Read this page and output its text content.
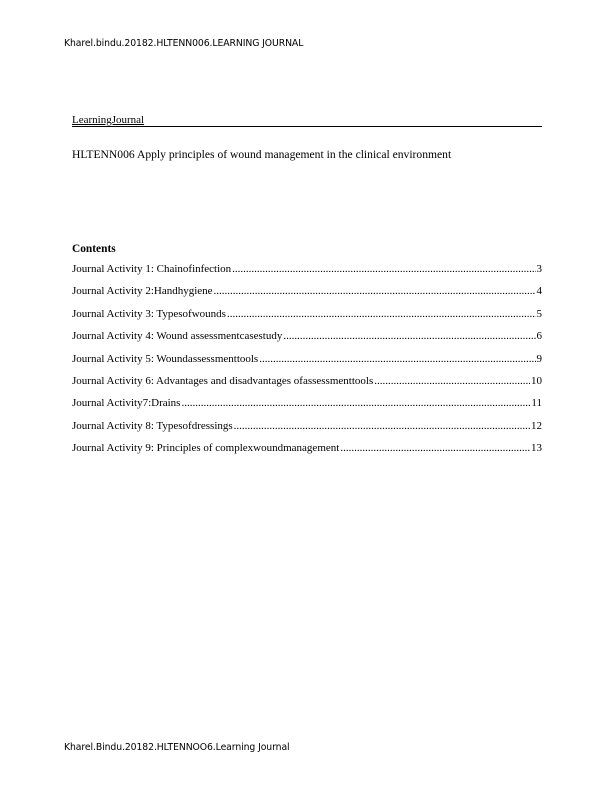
Kharel.bindu.20182.HLTENN006.LEARNING JOURNAL
LearningJournal
HLTENN006 Apply principles of wound management in the clinical environment
Contents
Journal Activity 1: Chainofinfection .....	3
Journal Activity 2:Handhygiene .....	4
Journal Activity 3: Typesofwounds .....	5
Journal Activity 4: Wound assessmentcasestudy .....	6
Journal Activity 5: Woundassessmenttools .....	9
Journal Activity 6: Advantages and disadvantages ofassessmenttools .....	10
Journal Activity7:Drains .....	11
Journal Activity 8: Typesofdressings .....	12
Journal Activity 9: Principles of complexwoundmanagement .....	13
Kharel.Bindu.20182.HLTENNOO6.Learning Journal
